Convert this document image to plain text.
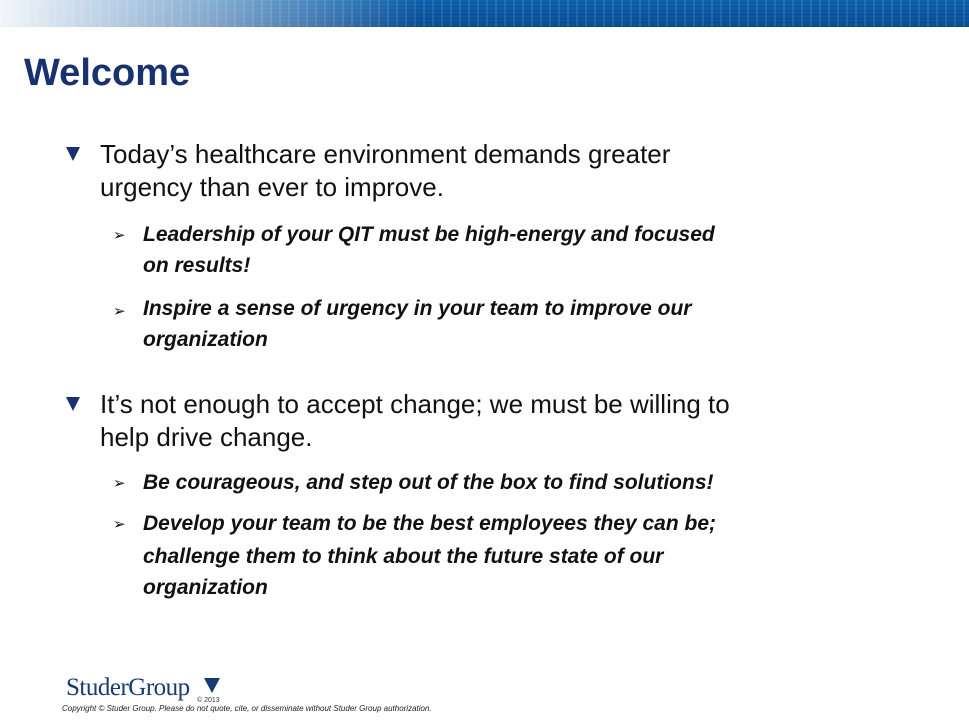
Welcome
Today’s healthcare environment demands greater
urgency than ever to improve.
➢ Leadership of your QIT must be high-energy and focused
on results!
➢ Inspire a sense of urgency in your team to improve our
organization
It’s not enough to accept change; we must be willing to
help drive change.
➢ Be courageous, and step out of the box to find solutions!
➢ Develop your team to be the best employees they can be;
challenge them to think about the future state of our
organization
StuderGroup © 2013
Copyright © Studer Group. Please do not quote, cite, or disseminate without Studer Group authorization.
